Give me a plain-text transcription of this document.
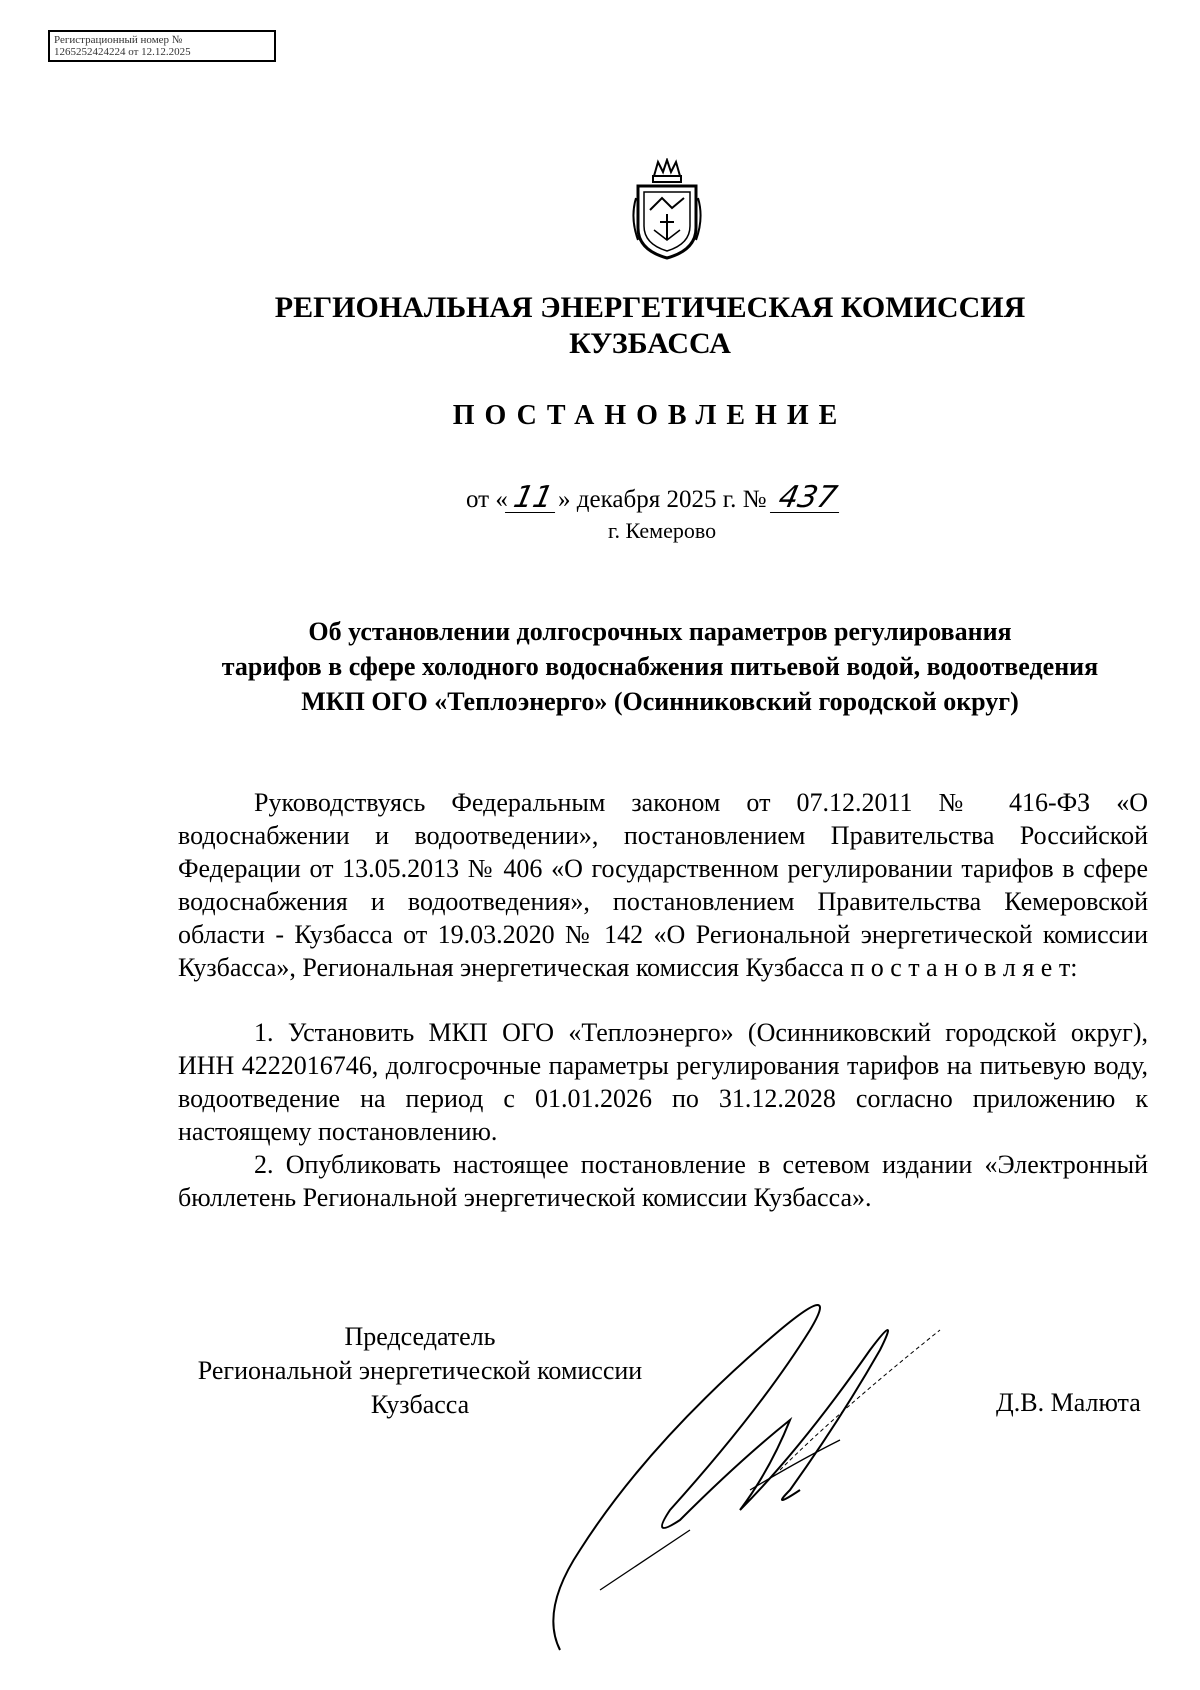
Регистрационный номер №
1265252424224 от 12.12.2025
РЕГИОНАЛЬНАЯ ЭНЕРГЕТИЧЕСКАЯ КОМИССИЯ
КУЗБАССА
ПОСТАНОВЛЕНИЕ
от «11» декабря 2025 г. № 437
г. Кемерово
Об установлении долгосрочных параметров регулирования
тарифов в сфере холодного водоснабжения питьевой водой, водоотведения
МКП ОГО «Теплоэнерго» (Осинниковский городской округ)
Руководствуясь Федеральным законом от 07.12.2011 № 416-ФЗ «О водоснабжении и водоотведении», постановлением Правительства Российской Федерации от 13.05.2013 № 406 «О государственном регулировании тарифов в сфере водоснабжения и водоотведения», постановлением Правительства Кемеровской области - Кузбасса от 19.03.2020 № 142 «О Региональной энергетической комиссии Кузбасса», Региональная энергетическая комиссия Кузбасса п о с т а н о в л я е т:
1. Установить МКП ОГО «Теплоэнерго» (Осинниковский городской округ), ИНН 4222016746, долгосрочные параметры регулирования тарифов на питьевую воду, водоотведение на период с 01.01.2026 по 31.12.2028 согласно приложению к настоящему постановлению.
2. Опубликовать настоящее постановление в сетевом издании «Электронный бюллетень Региональной энергетической комиссии Кузбасса».
Председатель
Региональной энергетической комиссии
Кузбасса	Д.В. Малюта
